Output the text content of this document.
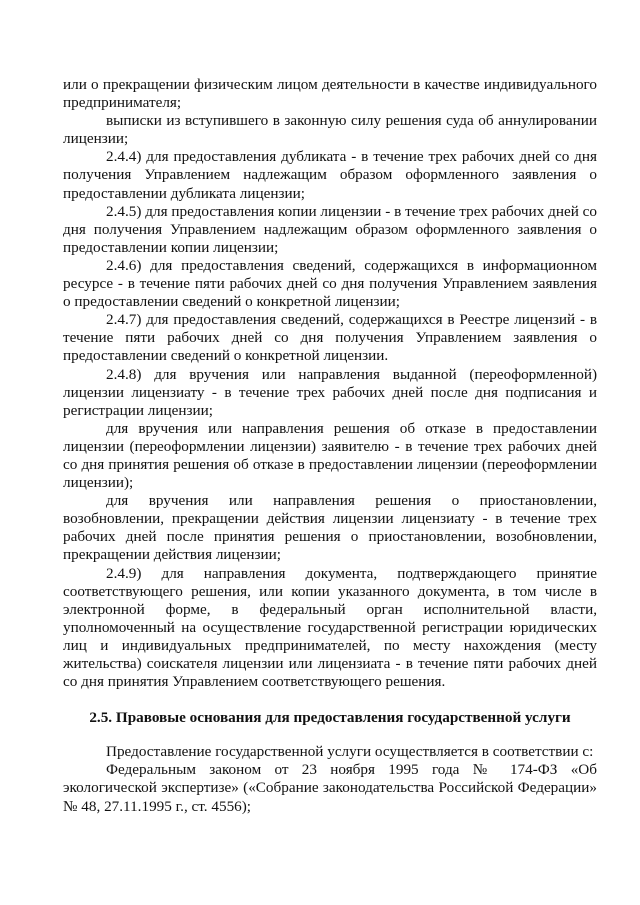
или о прекращении физическим лицом деятельности в качестве индивидуального предпринимателя;

выписки из вступившего в законную силу решения суда об аннулировании лицензии;

2.4.4) для предоставления дубликата - в течение трех рабочих дней со дня получения Управлением надлежащим образом оформленного заявления о предоставлении дубликата лицензии;

2.4.5) для предоставления копии лицензии - в течение трех рабочих дней со дня получения Управлением надлежащим образом оформленного заявления о предоставлении копии лицензии;

2.4.6) для предоставления сведений, содержащихся в информационном ресурсе - в течение пяти рабочих дней со дня получения Управлением заявления о предоставлении сведений о конкретной лицензии;

2.4.7) для предоставления сведений, содержащихся в Реестре лицензий - в течение пяти рабочих дней со дня получения Управлением заявления о предоставлении сведений о конкретной лицензии.

2.4.8) для вручения или направления выданной (переоформленной) лицензии лицензиату - в течение трех рабочих дней после дня подписания и регистрации лицензии;

для вручения или направления решения об отказе в предоставлении лицензии (переоформлении лицензии) заявителю - в течение трех рабочих дней со дня принятия решения об отказе в предоставлении лицензии (переоформлении лицензии);

для вручения или направления решения о приостановлении, возобновлении, прекращении действия лицензии лицензиату - в течение трех рабочих дней после принятия решения о приостановлении, возобновлении, прекращении действия лицензии;

2.4.9) для направления документа, подтверждающего принятие соответствующего решения, или копии указанного документа, в том числе в электронной форме, в федеральный орган исполнительной власти, уполномоченный на осуществление государственной регистрации юридических лиц и индивидуальных предпринимателей, по месту нахождения (месту жительства) соискателя лицензии или лицензиата - в течение пяти рабочих дней со дня принятия Управлением соответствующего решения.

2.5. Правовые основания для предоставления государственной услуги

Предоставление государственной услуги осуществляется в соответствии с:

Федеральным законом от 23 ноября 1995 года № 174-ФЗ «Об экологической экспертизе» («Собрание законодательства Российской Федерации» № 48, 27.11.1995 г., ст. 4556);
